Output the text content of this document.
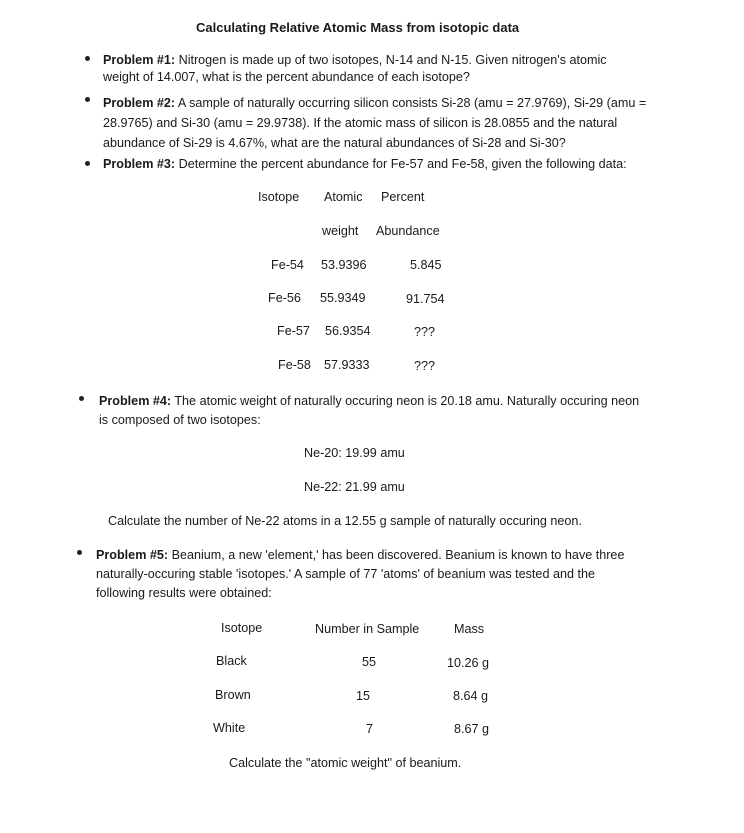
Calculating Relative Atomic Mass from isotopic data
Problem #1: Nitrogen is made up of two isotopes, N-14 and N-15. Given nitrogen's atomic
weight of 14.007, what is the percent abundance of each isotope?
Problem #2: A sample of naturally occurring silicon consists Si-28 (amu = 27.9769), Si-29 (amu =
28.9765) and Si-30 (amu = 29.9738). If the atomic mass of silicon is 28.0855 and the natural
abundance of Si-29 is 4.67%, what are the natural abundances of Si-28 and Si-30?
Problem #3: Determine the percent abundance for Fe-57 and Fe-58, given the following data:
Isotope Atomic Percent
weight Abundance
Fe-54 53.9396	5.845
Fe-56 55.9349	91.754
Fe-57 56.9354	???
Fe-58 57.9333	???
Problem #4: The atomic weight of naturally occuring neon is 20.18 amu. Naturally occuring neon
is composed of two isotopes:
Ne-20: 19.99 amu
Ne-22: 21.99 amu
Calculate the number of Ne-22 atoms in a 12.55 g sample of naturally occuring neon.
Problem #5: Beanium, a new 'element,' has been discovered. Beanium is known to have three
naturally-occuring stable 'isotopes.' A sample of 77 'atoms' of beanium was tested and the
following results were obtained:
Isotope	Number in Sample	Mass
Black	55	10.26 g
Brown	15	8.64 g
White	7	8.67 g
Calculate the "atomic weight" of beanium.
